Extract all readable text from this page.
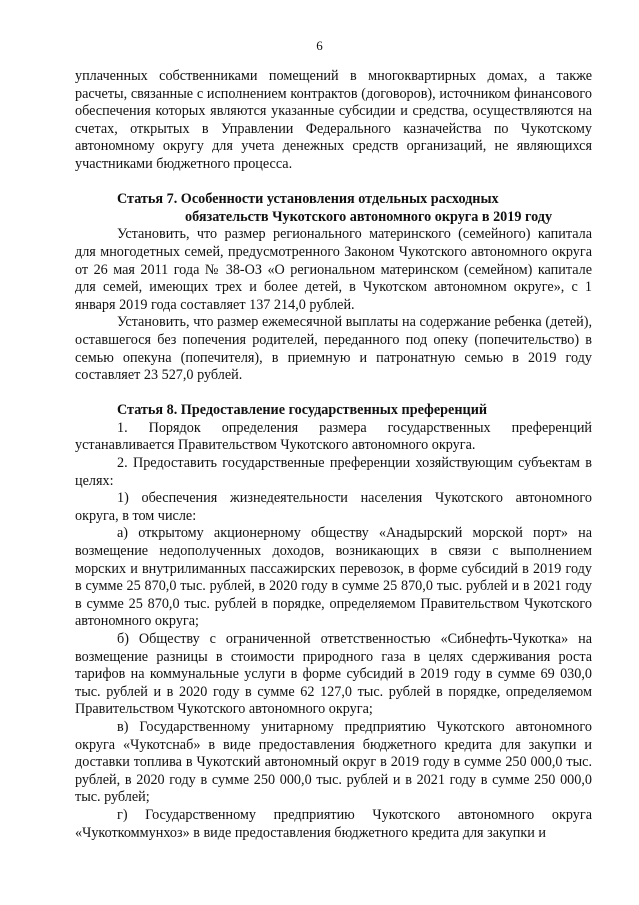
6

уплаченных собственниками помещений в многоквартирных домах, а также расчеты, связанные с исполнением контрактов (договоров), источником финансового обеспечения которых являются указанные субсидии и средства, осуществляются на счетах, открытых в Управлении Федерального казначейства по Чукотскому автономному округу для учета денежных средств организаций, не являющихся участниками бюджетного процесса.

Статья 7. Особенности установления отдельных расходных
обязательств Чукотского автономного округа в 2019 году

Установить, что размер регионального материнского (семейного) капитала для многодетных семей, предусмотренного Законом Чукотского автономного округа от 26 мая 2011 года № 38-ОЗ «О региональном материнском (семейном) капитале для семей, имеющих трех и более детей, в Чукотском автономном округе», с 1 января 2019 года составляет 137 214,0 рублей.

Установить, что размер ежемесячной выплаты на содержание ребенка (детей), оставшегося без попечения родителей, переданного под опеку (попечительство) в семью опекуна (попечителя), в приемную и патронатную семью в 2019 году составляет 23 527,0 рублей.

Статья 8. Предоставление государственных преференций

1. Порядок определения размера государственных преференций устанавливается Правительством Чукотского автономного округа.

2. Предоставить государственные преференции хозяйствующим субъектам в целях:

1) обеспечения жизнедеятельности населения Чукотского автономного округа, в том числе:

а) открытому акционерному обществу «Анадырский морской порт» на возмещение недополученных доходов, возникающих в связи с выполнением морских и внутрилиманных пассажирских перевозок, в форме субсидий в 2019 году в сумме 25 870,0 тыс. рублей, в 2020 году в сумме 25 870,0 тыс. рублей и в 2021 году в сумме 25 870,0 тыс. рублей в порядке, определяемом Правительством Чукотского автономного округа;

б) Обществу с ограниченной ответственностью «Сибнефть-Чукотка» на возмещение разницы в стоимости природного газа в целях сдерживания роста тарифов на коммунальные услуги в форме субсидий в 2019 году в сумме 69 030,0 тыс. рублей и в 2020 году в сумме 62 127,0 тыс. рублей в порядке, определяемом Правительством Чукотского автономного округа;

в) Государственному унитарному предприятию Чукотского автономного округа «Чукотснаб» в виде предоставления бюджетного кредита для закупки и доставки топлива в Чукотский автономный округ в 2019 году в сумме 250 000,0 тыс. рублей, в 2020 году в сумме 250 000,0 тыс. рублей и в 2021 году в сумме 250 000,0 тыс. рублей;

г) Государственному предприятию Чукотского автономного округа «Чукоткоммунхоз» в виде предоставления бюджетного кредита для закупки и
